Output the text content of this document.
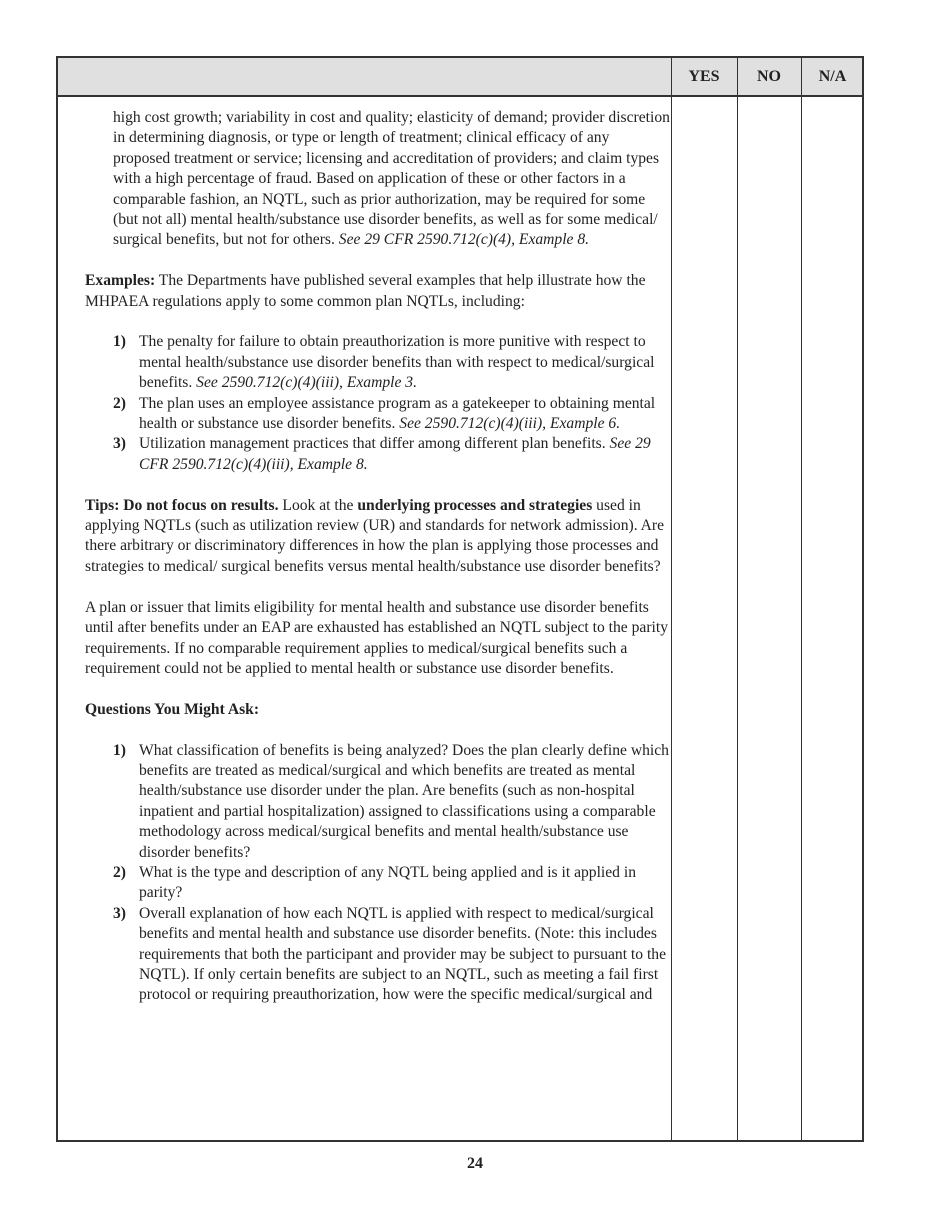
YES	NO	N/A

high cost growth; variability in cost and quality; elasticity of demand; provider discretion in determining diagnosis, or type or length of treatment; clinical efficacy of any proposed treatment or service; licensing and accreditation of providers; and claim types with a high percentage of fraud. Based on application of these or other factors in a comparable fashion, an NQTL, such as prior authorization, may be required for some (but not all) mental health/substance use disorder benefits, as well as for some medical/ surgical benefits, but not for others. See 29 CFR 2590.712(c)(4), Example 8.

Examples: The Departments have published several examples that help illustrate how the MHPAEA regulations apply to some common plan NQTLs, including:

1) The penalty for failure to obtain preauthorization is more punitive with respect to mental health/substance use disorder benefits than with respect to medical/surgical benefits. See 2590.712(c)(4)(iii), Example 3.
2) The plan uses an employee assistance program as a gatekeeper to obtaining mental health or substance use disorder benefits. See 2590.712(c)(4)(iii), Example 6.
3) Utilization management practices that differ among different plan benefits. See 29 CFR 2590.712(c)(4)(iii), Example 8.

Tips: Do not focus on results. Look at the underlying processes and strategies used in applying NQTLs (such as utilization review (UR) and standards for network admission). Are there arbitrary or discriminatory differences in how the plan is applying those processes and strategies to medical/ surgical benefits versus mental health/substance use disorder benefits?

A plan or issuer that limits eligibility for mental health and substance use disorder benefits until after benefits under an EAP are exhausted has established an NQTL subject to the parity requirements. If no comparable requirement applies to medical/surgical benefits such a requirement could not be applied to mental health or substance use disorder benefits.

Questions You Might Ask:

1) What classification of benefits is being analyzed? Does the plan clearly define which benefits are treated as medical/surgical and which benefits are treated as mental health/substance use disorder under the plan. Are benefits (such as non-hospital inpatient and partial hospitalization) assigned to classifications using a comparable methodology across medical/surgical benefits and mental health/substance use disorder benefits?
2) What is the type and description of any NQTL being applied and is it applied in parity?
3) Overall explanation of how each NQTL is applied with respect to medical/surgical benefits and mental health and substance use disorder benefits. (Note: this includes requirements that both the participant and provider may be subject to pursuant to the NQTL). If only certain benefits are subject to an NQTL, such as meeting a fail first protocol or requiring preauthorization, how were the specific medical/surgical and
24
